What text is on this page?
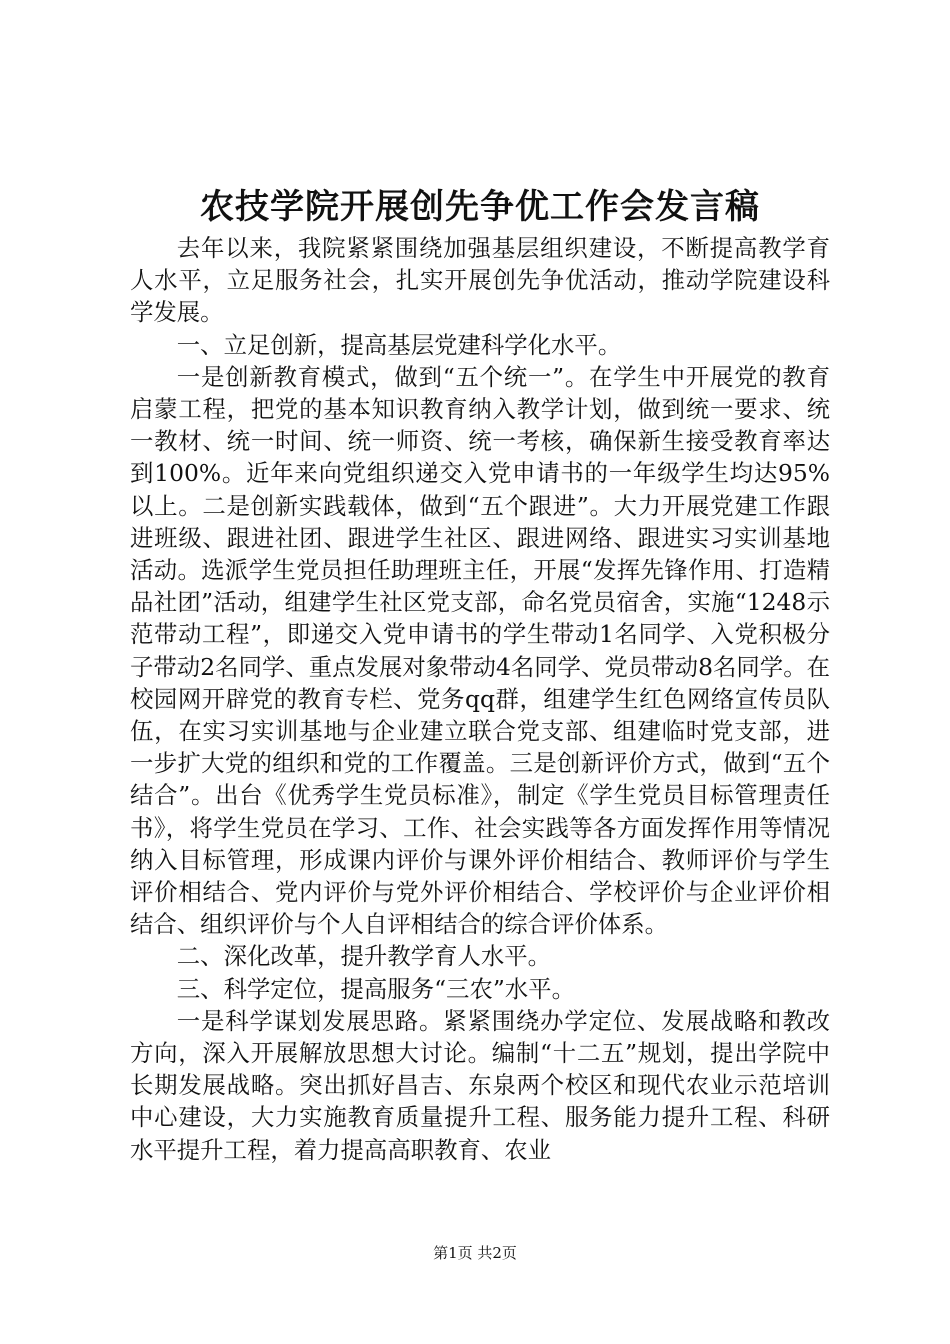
农技学院开展创先争优工作会发言稿

去年以来，我院紧紧围绕加强基层组织建设，不断提高教学育人水平，立足服务社会，扎实开展创先争优活动，推动学院建设科学发展。

一、立足创新，提高基层党建科学化水平。

一是创新教育模式，做到“五个统一”。在学生中开展党的教育启蒙工程，把党的基本知识教育纳入教学计划，做到统一要求、统一教材、统一时间、统一师资、统一考核，确保新生接受教育率达到100%。近年来向党组织递交入党申请书的一年级学生均达95%以上。二是创新实践载体，做到“五个跟进”。大力开展党建工作跟进班级、跟进社团、跟进学生社区、跟进网络、跟进实习实训基地活动。选派学生党员担任助理班主任，开展“发挥先锋作用、打造精品社团”活动，组建学生社区党支部，命名党员宿舍，实施“1248示范带动工程”，即递交入党申请书的学生带动1名同学、入党积极分子带动2名同学、重点发展对象带动4名同学、党员带动8名同学。在校园网开辟党的教育专栏、党务qq群，组建学生红色网络宣传员队伍，在实习实训基地与企业建立联合党支部、组建临时党支部，进一步扩大党的组织和党的工作覆盖。三是创新评价方式，做到“五个结合”。出台《优秀学生党员标准》，制定《学生党员目标管理责任书》，将学生党员在学习、工作、社会实践等各方面发挥作用等情况纳入目标管理，形成课内评价与课外评价相结合、教师评价与学生评价相结合、党内评价与党外评价相结合、学校评价与企业评价相结合、组织评价与个人自评相结合的综合评价体系。

二、深化改革，提升教学育人水平。

三、科学定位，提高服务“三农”水平。

一是科学谋划发展思路。紧紧围绕办学定位、发展战略和教改方向，深入开展解放思想大讨论。编制“十二五”规划，提出学院中长期发展战略。突出抓好昌吉、东泉两个校区和现代农业示范培训中心建设，大力实施教育质量提升工程、服务能力提升工程、科研水平提升工程，着力提高高职教育、农业

第1页 共2页
